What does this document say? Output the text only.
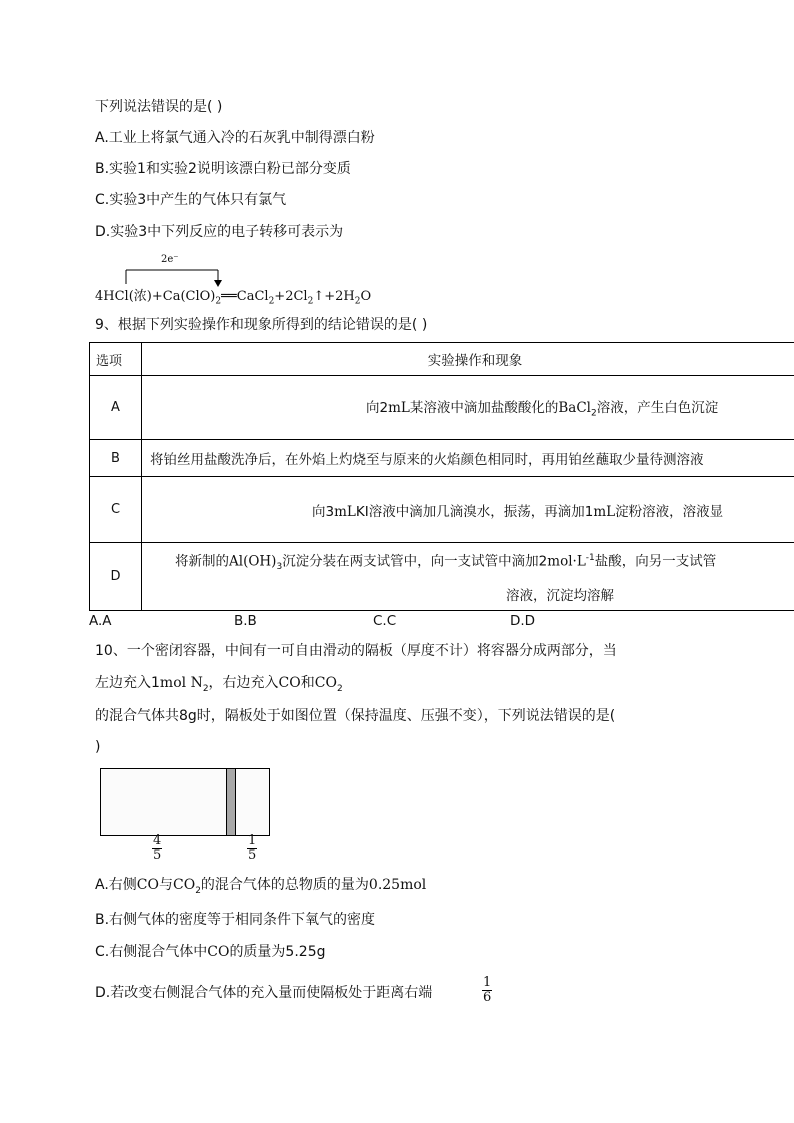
下列说法错误的是( )
A.工业上将氯气通入冷的石灰乳中制得漂白粉
B.实验1和实验2说明该漂白粉已部分变质
C.实验3中产生的气体只有氯气
D.实验3中下列反应的电子转移可表示为
2e⁻
4HCl(浓)$+Ca(ClO)_2══CaCl_2+2Cl_2↑+2H_2O$
9、根据下列实验操作和现象所得到的结论错误的是( )
选项	实验操作和现象
A	向2mL某溶液中滴加盐酸酸化的BaCl$_2$溶液，产生白色沉淀
B	将铂丝用盐酸洗净后，在外焰上灼烧至与原来的火焰颜色相同时，再用铂丝蘸取少量待测溶液
C	向3mLKI溶液中滴加几滴溴水，振荡，再滴加1mL淀粉溶液，溶液显
D	将新制的$Al(OH)_3$沉淀分装在两支试管中，向一支试管中滴加$2mol\cdot L^{-1}$盐酸，向另一支试管
溶液，沉淀均溶解
A.A	B.B	C.C	D.D
10、一个密闭容器，中间有一可自由滑动的隔板（厚度不计）将容器分成两部分，当
左边充入1mol $N_2$，右边充入CO和$CO_2$
的混合气体共8g时，隔板处于如图位置（保持温度、压强不变），下列说法错误的是(
)
$\frac{4}{5}$	$\frac{1}{5}$
A.右侧CO与$CO_2$的混合气体的总物质的量为0.25mol
B.右侧气体的密度等于相同条件下氧气的密度
C.右侧混合气体中CO的质量为5.25g
D.若改变右侧混合气体的充入量而使隔板处于距离右端	$\frac{1}{6}$
